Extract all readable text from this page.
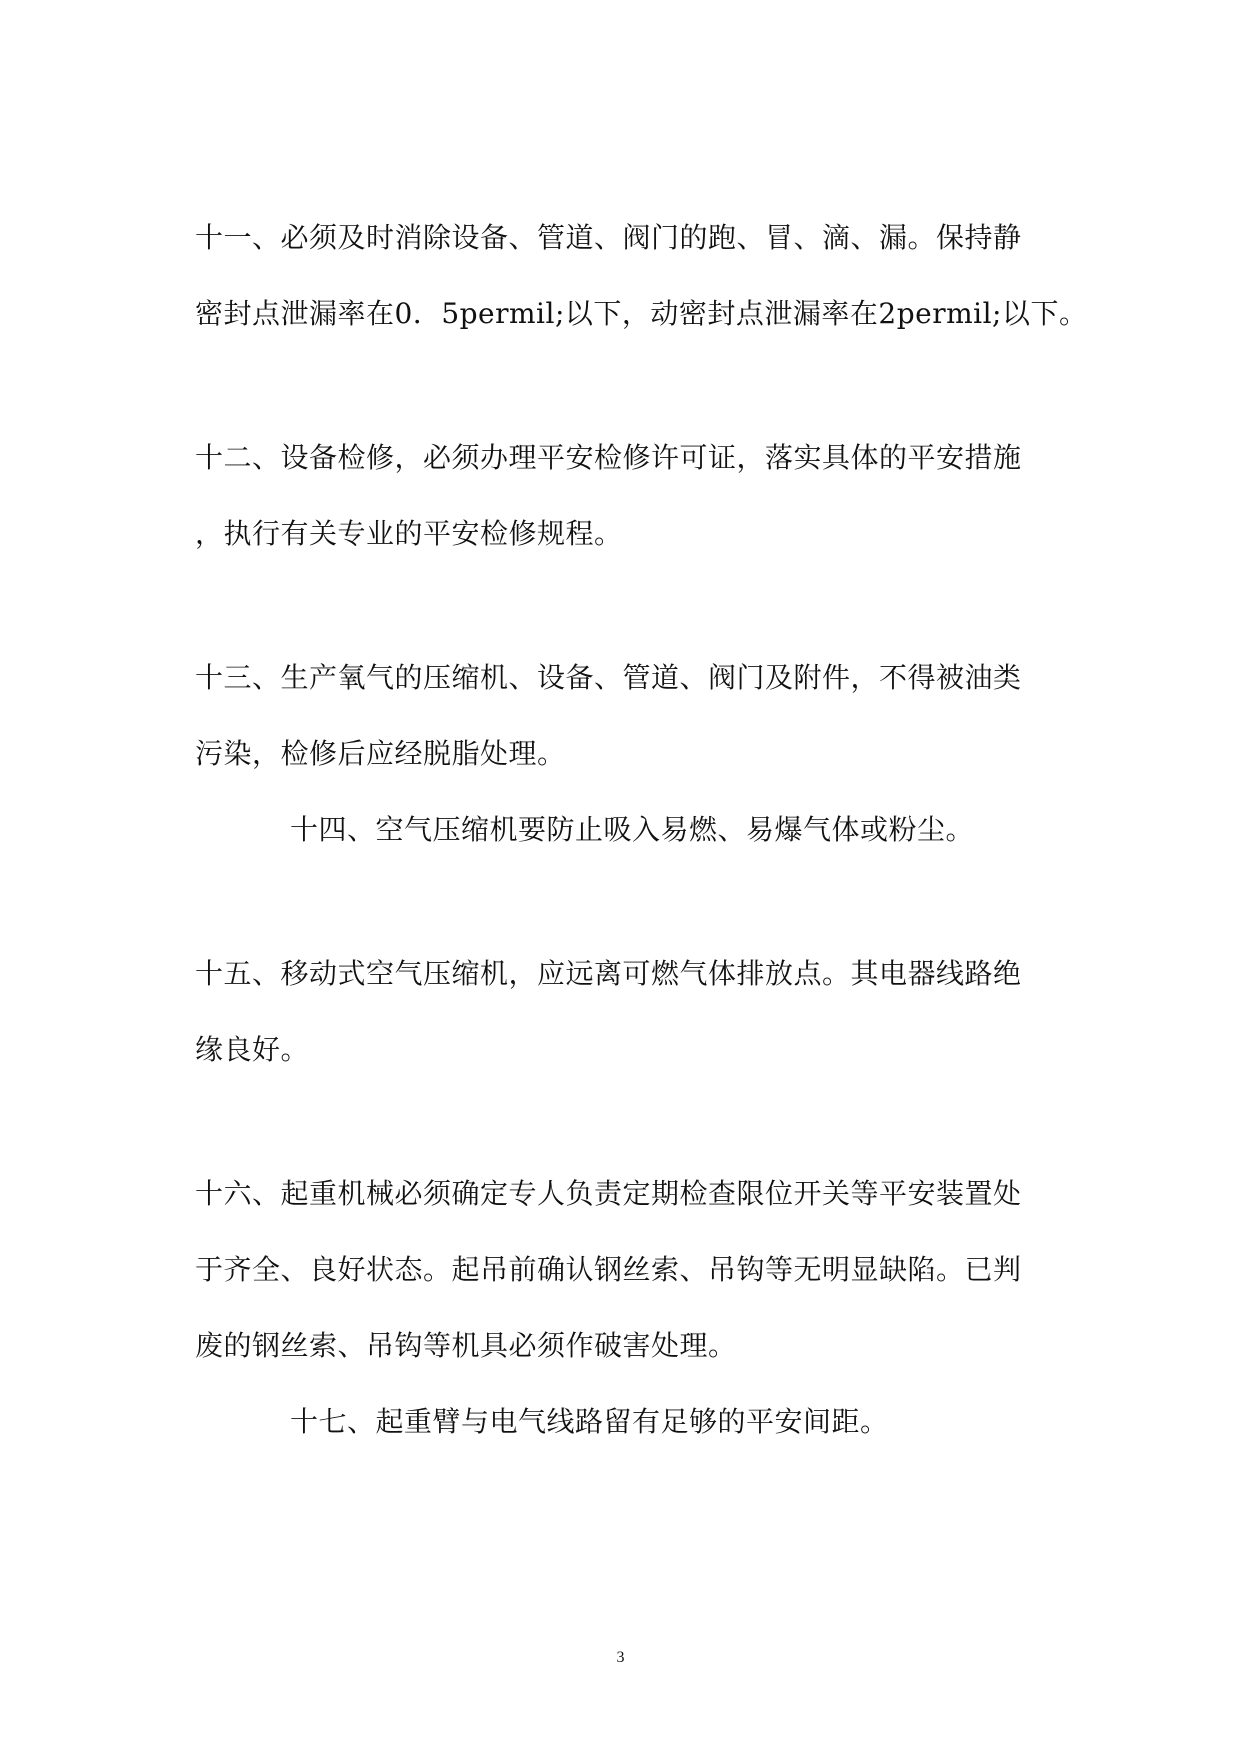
十一、必须及时消除设备、管道、阀门的跑、冒、滴、漏。保持静
密封点泄漏率在0．5permil;以下，动密封点泄漏率在2permil;以下。
十二、设备检修，必须办理平安检修许可证，落实具体的平安措施
，执行有关专业的平安检修规程。
十三、生产氧气的压缩机、设备、管道、阀门及附件，不得被油类
污染，检修后应经脱脂处理。
十四、空气压缩机要防止吸入易燃、易爆气体或粉尘。
十五、移动式空气压缩机，应远离可燃气体排放点。其电器线路绝
缘良好。
十六、起重机械必须确定专人负责定期检查限位开关等平安装置处
于齐全、良好状态。起吊前确认钢丝索、吊钩等无明显缺陷。已判
废的钢丝索、吊钩等机具必须作破害处理。
十七、起重臂与电气线路留有足够的平安间距。
3
